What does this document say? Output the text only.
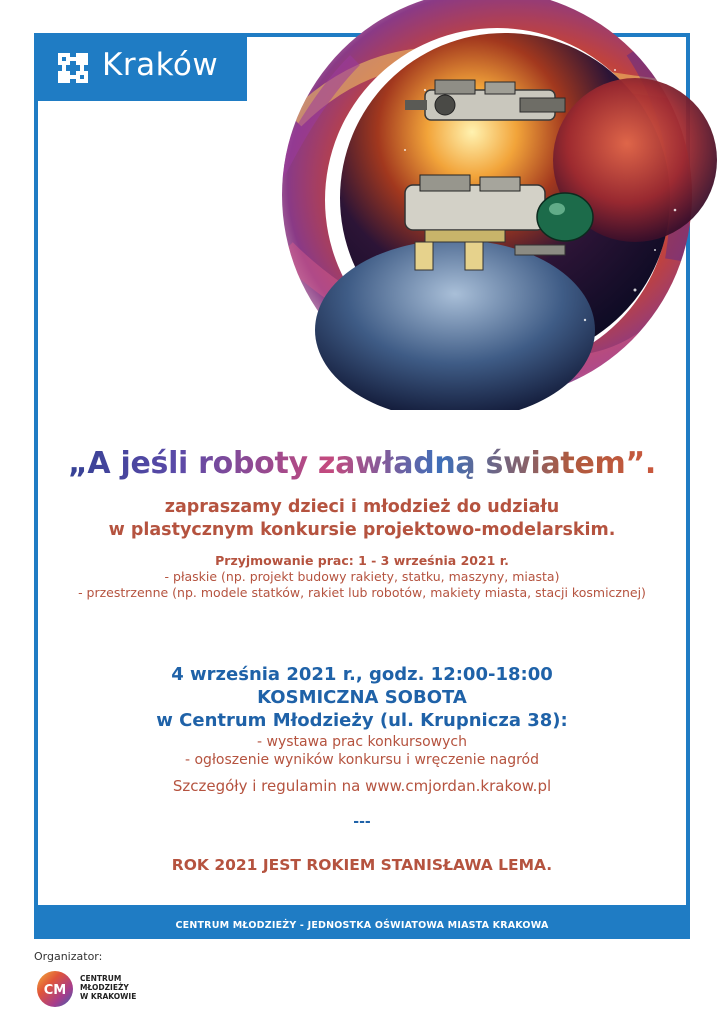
Kraków
„A jeśli roboty zawładną światem”.
zapraszamy dzieci i młodzież do udziału
w plastycznym konkursie projektowo-modelarskim.
Przyjmowanie prac: 1 - 3 września 2021 r.
- płaskie (np. projekt budowy rakiety, statku, maszyny, miasta)
- przestrzenne (np. modele statków, rakiet lub robotów, makiety miasta, stacji kosmicznej)
4 września 2021 r., godz. 12:00-18:00
KOSMICZNA SOBOTA
w Centrum Młodzieży (ul. Krupnicza 38):
- wystawa prac konkursowych
- ogłoszenie wyników konkursu i wręczenie nagród
Szczegóły i regulamin na www.cmjordan.krakow.pl
---
ROK 2021 JEST ROKIEM STANISŁAWA LEMA.
CENTRUM MŁODZIEŻY - JEDNOSTKA OŚWIATOWA MIASTA KRAKOWA
Organizator:
CM
CENTRUM
MŁODZIEŻY
W KRAKOWIE
